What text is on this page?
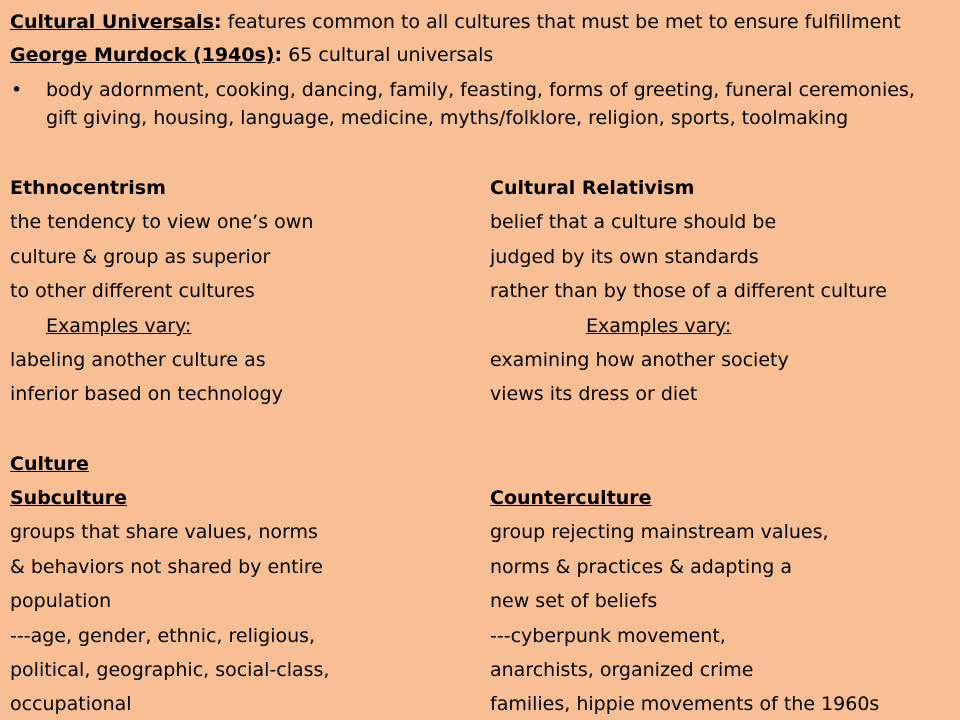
Cultural Universals: features common to all cultures that must be met to ensure fulfillment
George Murdock (1940s): 65 cultural universals
• body adornment, cooking, dancing, family, feasting, forms of greeting, funeral ceremonies,
gift giving, housing, language, medicine, myths/folklore, religion, sports, toolmaking
Ethnocentrism
the tendency to view one’s own
culture & group as superior
to other different cultures
Examples vary:
labeling another culture as
inferior based on technology
Cultural Relativism
belief that a culture should be
judged by its own standards
rather than by those of a different culture
Examples vary:
examining how another society
views its dress or diet
Culture
Subculture
groups that share values, norms
& behaviors not shared by entire
population
---age, gender, ethnic, religious,
political, geographic, social-class,
occupational
Counterculture
group rejecting mainstream values,
norms & practices & adapting a
new set of beliefs
---cyberpunk movement,
anarchists, organized crime
families, hippie movements of the 1960s
